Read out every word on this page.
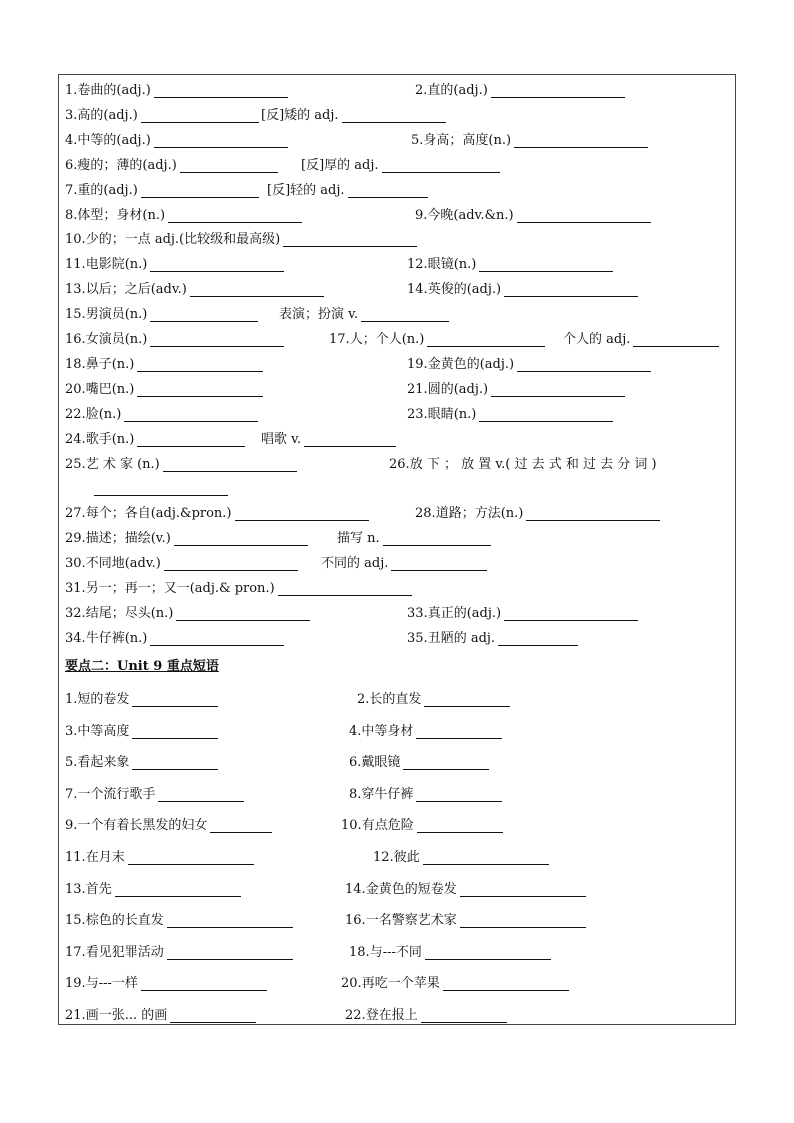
1. 卷曲的(adj.)	2. 直的(adj.)
3. 高的(adj.)	[反]矮的 adj.
4. 中等的(adj.)	5. 身高；高度(n.)
6. 瘦的；薄的(adj.)	[反]厚的 adj.
7. 重的(adj.)	[反]轻的 adj.
8. 体型；身材(n.)	9. 今晚(adv.&n.)
10. 少的；一点 adj.(比较级和最高级)
11. 电影院(n.)	12. 眼镜(n.)
13. 以后；之后(adv.)	14. 英俊的(adj.)
15. 男演员(n.)	表演；扮演 v.
16. 女演员(n.)	17. 人；个人(n.)	个人的 adj.
18. 鼻子(n.)	19. 金黄色的(adj.)
20. 嘴巴(n.)	21. 圆的(adj.)
22. 脸(n.)	23. 眼睛(n.)
24. 歌手(n.)	唱歌 v.
25. 艺 术 家 (n.)	26. 放 下 ； 放 置 v.( 过 去 式 和 过 去 分 词 )
27. 每个；各自(adj.&pron.)	28. 道路；方法(n.)
29. 描述；描绘(v.)	描写 n.
30. 不同地(adv.)	不同的 adj.
31. 另一；再一；又一(adj.& pron.)
32. 结尾；尽头(n.)	33. 真正的(adj.)
34. 牛仔裤(n.)	35. 丑陋的 adj.
要点二：Unit 9 重点短语
1. 短的卷发	2. 长的直发
3. 中等高度	4. 中等身材
5. 看起来象	6. 戴眼镜
7. 一个流行歌手	8. 穿牛仔裤
9. 一个有着长黑发的妇女	10. 有点危险
11. 在月末	12. 彼此
13. 首先	14. 金黄色的短卷发
15. 棕色的长直发	16. 一名警察艺术家
17. 看见犯罪活动	18. 与---不同
19. 与---一样	20. 再吃一个苹果
21. 画一张... 的画	22. 登在报上
